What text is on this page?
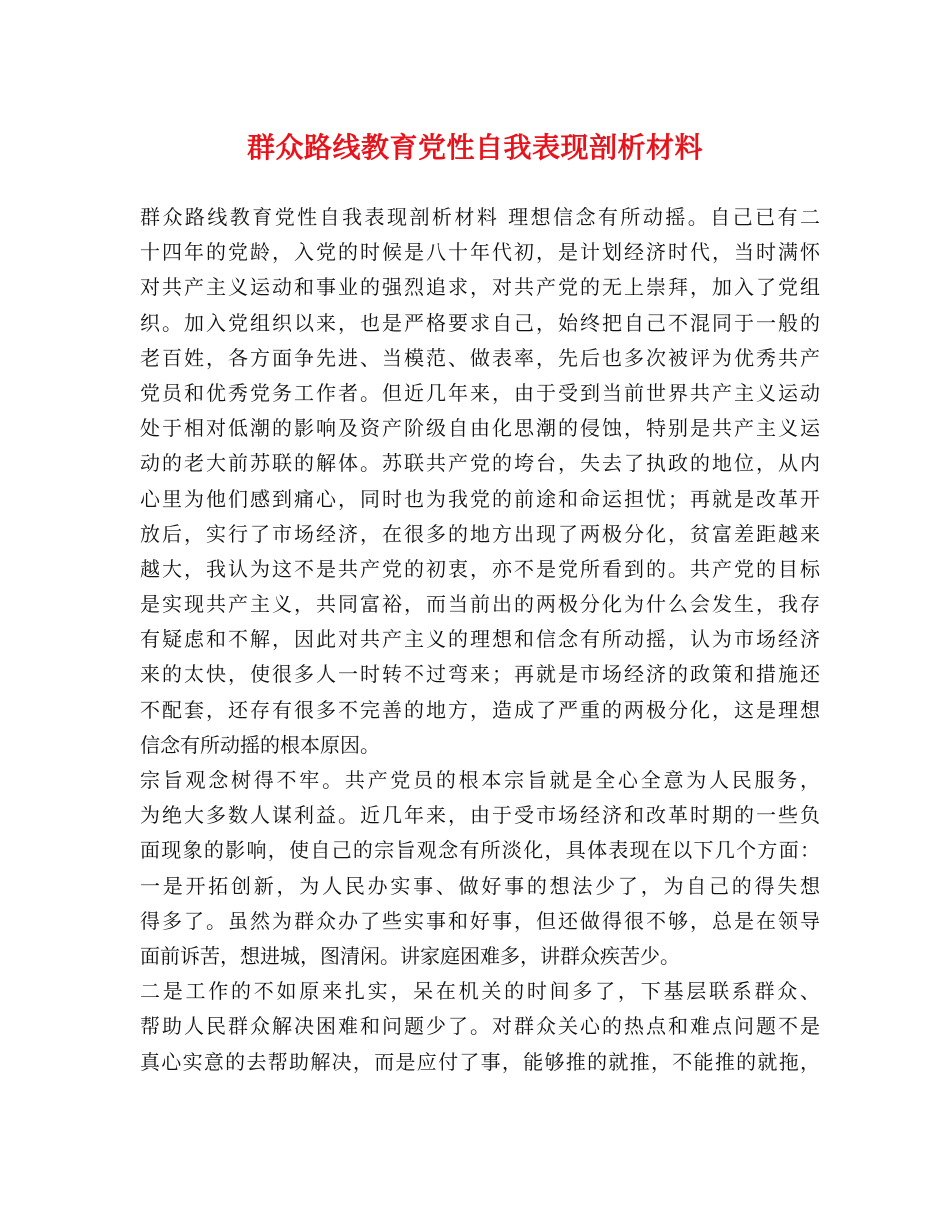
群众路线教育党性自我表现剖析材料
群众路线教育党性自我表现剖析材料 理想信念有所动摇。自己已有二
十四年的党龄，入党的时候是八十年代初，是计划经济时代，当时满怀
对共产主义运动和事业的强烈追求，对共产党的无上崇拜，加入了党组
织。加入党组织以来，也是严格要求自己，始终把自己不混同于一般的
老百姓，各方面争先进、当模范、做表率，先后也多次被评为优秀共产
党员和优秀党务工作者。但近几年来，由于受到当前世界共产主义运动
处于相对低潮的影响及资产阶级自由化思潮的侵蚀，特别是共产主义运
动的老大前苏联的解体。苏联共产党的垮台，失去了执政的地位，从内
心里为他们感到痛心，同时也为我党的前途和命运担忧；再就是改革开
放后，实行了市场经济，在很多的地方出现了两极分化，贫富差距越来
越大，我认为这不是共产党的初衷，亦不是党所看到的。共产党的目标
是实现共产主义，共同富裕，而当前出的两极分化为什么会发生，我存
有疑虑和不解，因此对共产主义的理想和信念有所动摇，认为市场经济
来的太快，使很多人一时转不过弯来；再就是市场经济的政策和措施还
不配套，还存有很多不完善的地方，造成了严重的两极分化，这是理想
信念有所动摇的根本原因。
宗旨观念树得不牢。共产党员的根本宗旨就是全心全意为人民服务，
为绝大多数人谋利益。近几年来，由于受市场经济和改革时期的一些负
面现象的影响，使自己的宗旨观念有所淡化，具体表现在以下几个方面：
一是开拓创新，为人民办实事、做好事的想法少了，为自己的得失想
得多了。虽然为群众办了些实事和好事，但还做得很不够，总是在领导
面前诉苦，想进城，图清闲。讲家庭困难多，讲群众疾苦少。
二是工作的不如原来扎实，呆在机关的时间多了，下基层联系群众、
帮助人民群众解决困难和问题少了。对群众关心的热点和难点问题不是
真心实意的去帮助解决，而是应付了事，能够推的就推，不能推的就拖，
